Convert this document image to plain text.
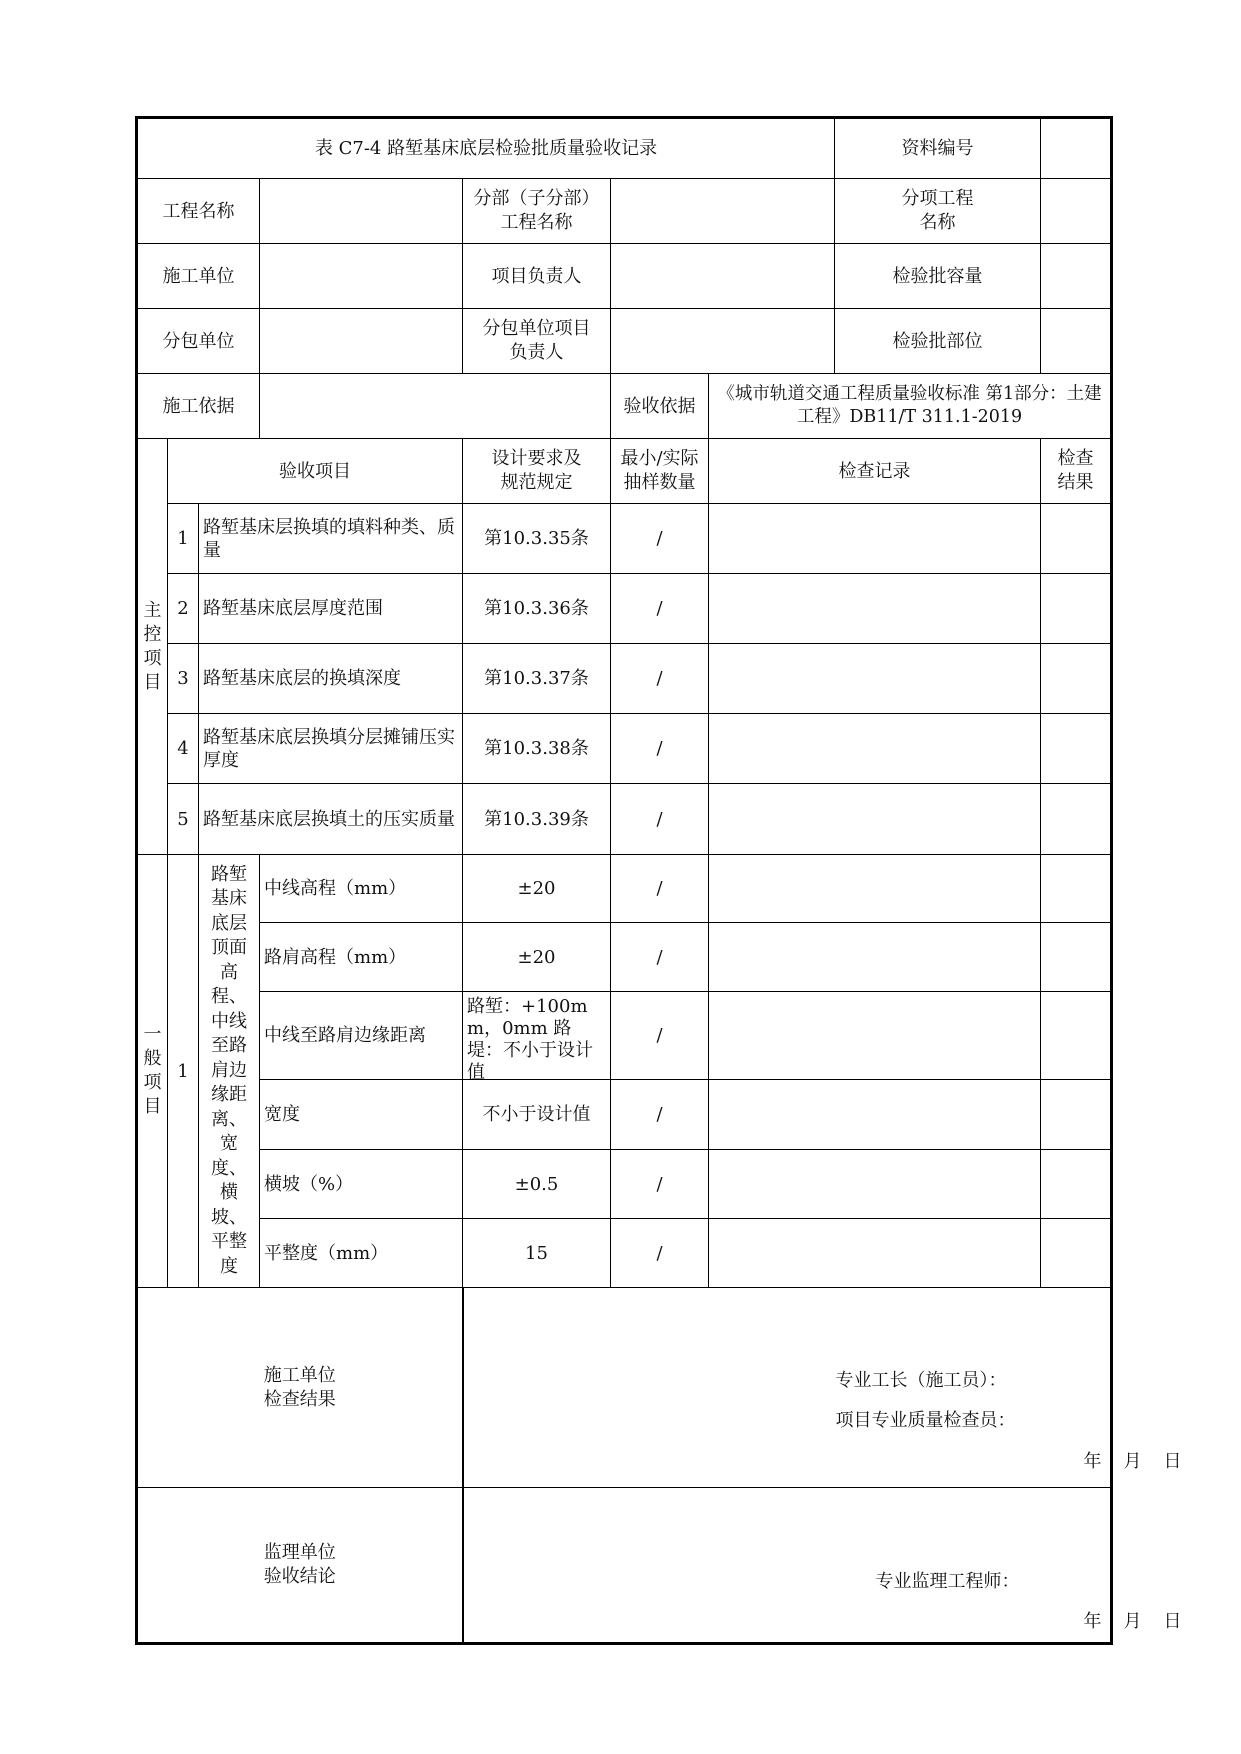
表 C7-4 路堑基床底层检验批质量验收记录							资料编号	
工程名称				分部（子分部）工程名称			分项工程名称	
施工单位				项目负责人			检验批容量	
分包单位				分包单位项目负责人			检验批部位	
施工依据					验收依据	《城市轨道交通工程质量验收标准 第1部分：土建工程》DB11/T 311.1-2019		
主控项目	验收项目			设计要求及规范规定	最小/实际抽样数量	检查记录		检查结果
	1	路堑基床层换填的填料种类、质量		第10.3.35条	/			
	2	路堑基床底层厚度范围		第10.3.36条	/			
	3	路堑基床底层的换填深度		第10.3.37条	/			
	4	路堑基床底层换填分层摊铺压实厚度		第10.3.38条	/			
	5	路堑基床底层换填土的压实质量		第10.3.39条	/			
一般项目	1	路堑基床底层顶面高程、中线至路肩边缘距离、宽度、横坡、平整度	中线高程（mm）	±20	/			
			路肩高程（mm）	±20	/			
			中线至路肩边缘距离	路堑：+100mm，0mm 路堤：不小于设计值	/			
			宽度	不小于设计值	/			
			横坡（%）	±0.5	/			
			平整度（mm）	15	/			
施工单位检查结果				专业工长（施工员）：
项目专业质量检查员：
年 月 日				

监理单位验收结论				专业监理工程师：
年 月 日				
